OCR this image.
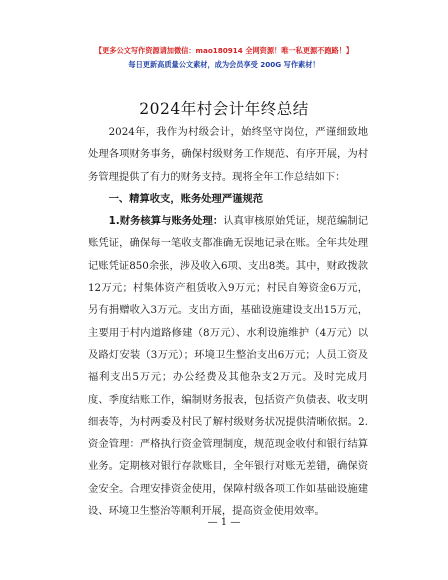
【更多公文写作资源请加微信：mao180914 全网资源！唯一私更源不跑路！】
每日更新高质量公文素材，成为会员享受 200G 写作素材！
2024年村会计年终总结

2024年，我作为村级会计，始终坚守岗位，严谨细致地处理各项财务事务，确保村级财务工作规范、有序开展，为村务管理提供了有力的财务支持。现将全年工作总结如下：

一、精算收支，账务处理严谨规范

1.财务核算与账务处理：认真审核原始凭证，规范编制记账凭证，确保每一笔收支都准确无误地记录在账。全年共处理记账凭证850余张，涉及收入6项、支出8类。其中，财政拨款12万元；村集体资产租赁收入9万元；村民自筹资金6万元，另有捐赠收入3万元。支出方面，基础设施建设支出15万元，主要用于村内道路修建（8万元）、水利设施维护（4万元）以及路灯安装（3万元）；环境卫生整治支出6万元；人员工资及福利支出5万元；办公经费及其他杂支2万元。及时完成月度、季度结账工作，编制财务报表，包括资产负债表、收支明细表等，为村两委及村民了解村级财务状况提供清晰依据。2.资金管理：严格执行资金管理制度，规范现金收付和银行结算业务。定期核对银行存款账目，全年银行对账无差错，确保资金安全。合理安排资金使用，保障村级各项工作如基础设施建设、环境卫生整治等顺利开展，提高资金使用效率。

— 1 —
